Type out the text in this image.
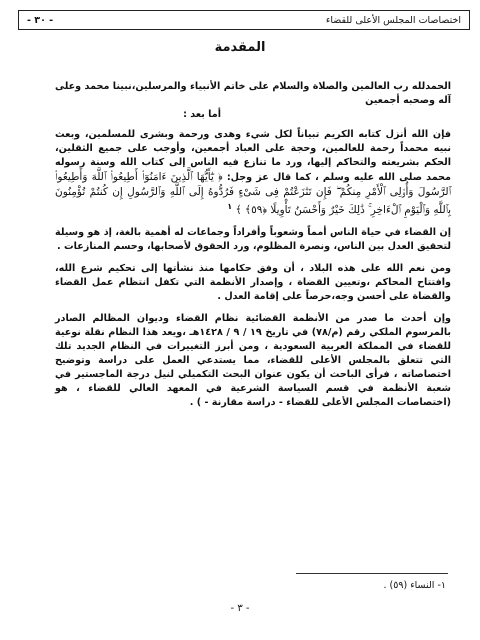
اختصاصات المجلس الأعلى للقضاء
- ٣٠ -
المقدمة

الحمدلله رب العالمين والصلاة والسلام على خاتم الأنبياء والمرسلين،نبينا محمد وعلى آله وصحبه أجمعين
أما بعد :

فإن الله أنزل كتابه الكريم تبياناً لكل شيء وهدى ورحمة وبشرى للمسلمين، وبعث نبيه محمداً رحمة للعالمين، وحجة على العباد أجمعين، وأوجب على جميع الثقلين، الحكم بشريعته والتحاكم إليها، ورد ما تنازع فيه الناس إلى كتاب الله وسنة رسوله محمد صلى الله عليه وسلم ، كما قال عز وجل: ﴿ يَٰٓأَيُّهَا ٱلَّذِينَ ءَامَنُوٓا۟ أَطِيعُوا۟ ٱللَّهَ وَأَطِيعُوا۟ ٱلرَّسُولَ وَأُو۟لِى ٱلْأَمْرِ مِنكُمْ ۖ فَإِن تَنَٰزَعْتُمْ فِى شَىْءٍ فَرُدُّوهُ إِلَى ٱللَّهِ وَٱلرَّسُولِ إِن كُنتُمْ تُؤْمِنُونَ بِٱللَّهِ وَٱلْيَوْمِ ٱلْءَاخِرِ ۚ ذَٰلِكَ خَيْرٌ وَأَحْسَنُ تَأْوِيلًا ﴿٥٩﴾ ﴾ $^١$

إن القضاء في حياة الناس أمماً وشعوباً وأفراداً وجماعات له أهمية بالغة، إذ هو وسيلة لتحقيق العدل بين الناس، ونصرة المظلوم، ورد الحقوق لأصحابها، وحسم المنازعات .

ومن نعم الله على هذه البلاد ، أن وفق حكامها منذ نشأتها إلى تحكيم شرع الله، وافتتاح المحاكم ،وتعيين القضاة ، وإصدار الأنظمة التي تكفل انتظام عمل القضاء والقضاة على أحسن وجه،حرصاً على إقامة العدل .

وإن أحدث ما صدر من الأنظمة القضائية نظام القضاء وديوان المظالم الصادر بالمرسوم الملكي رقم (م/٧٨) في تاريخ ١٩ / ٩ / ١٤٢٨هـ ،ويعد هذا النظام نقلة نوعية للقضاء في المملكة العربية السعودية ، ومن أبرز التغييرات في النظام الجديد تلك التي تتعلق بالمجلس الأعلى للقضاء، مما يستدعي العمل على دراسة وتوضيح اختصاصاته ، فرأى الباحث أن يكون عنوان البحث التكميلي لنيل درجة الماجستير في شعبة الأنظمة في قسم السياسة الشرعية في المعهد العالي للقضاء ، هو (اختصاصات المجلس الأعلى للقضاء - دراسة مقارنة - ) .

١- النساء (٥٩) .
- ٣ -
